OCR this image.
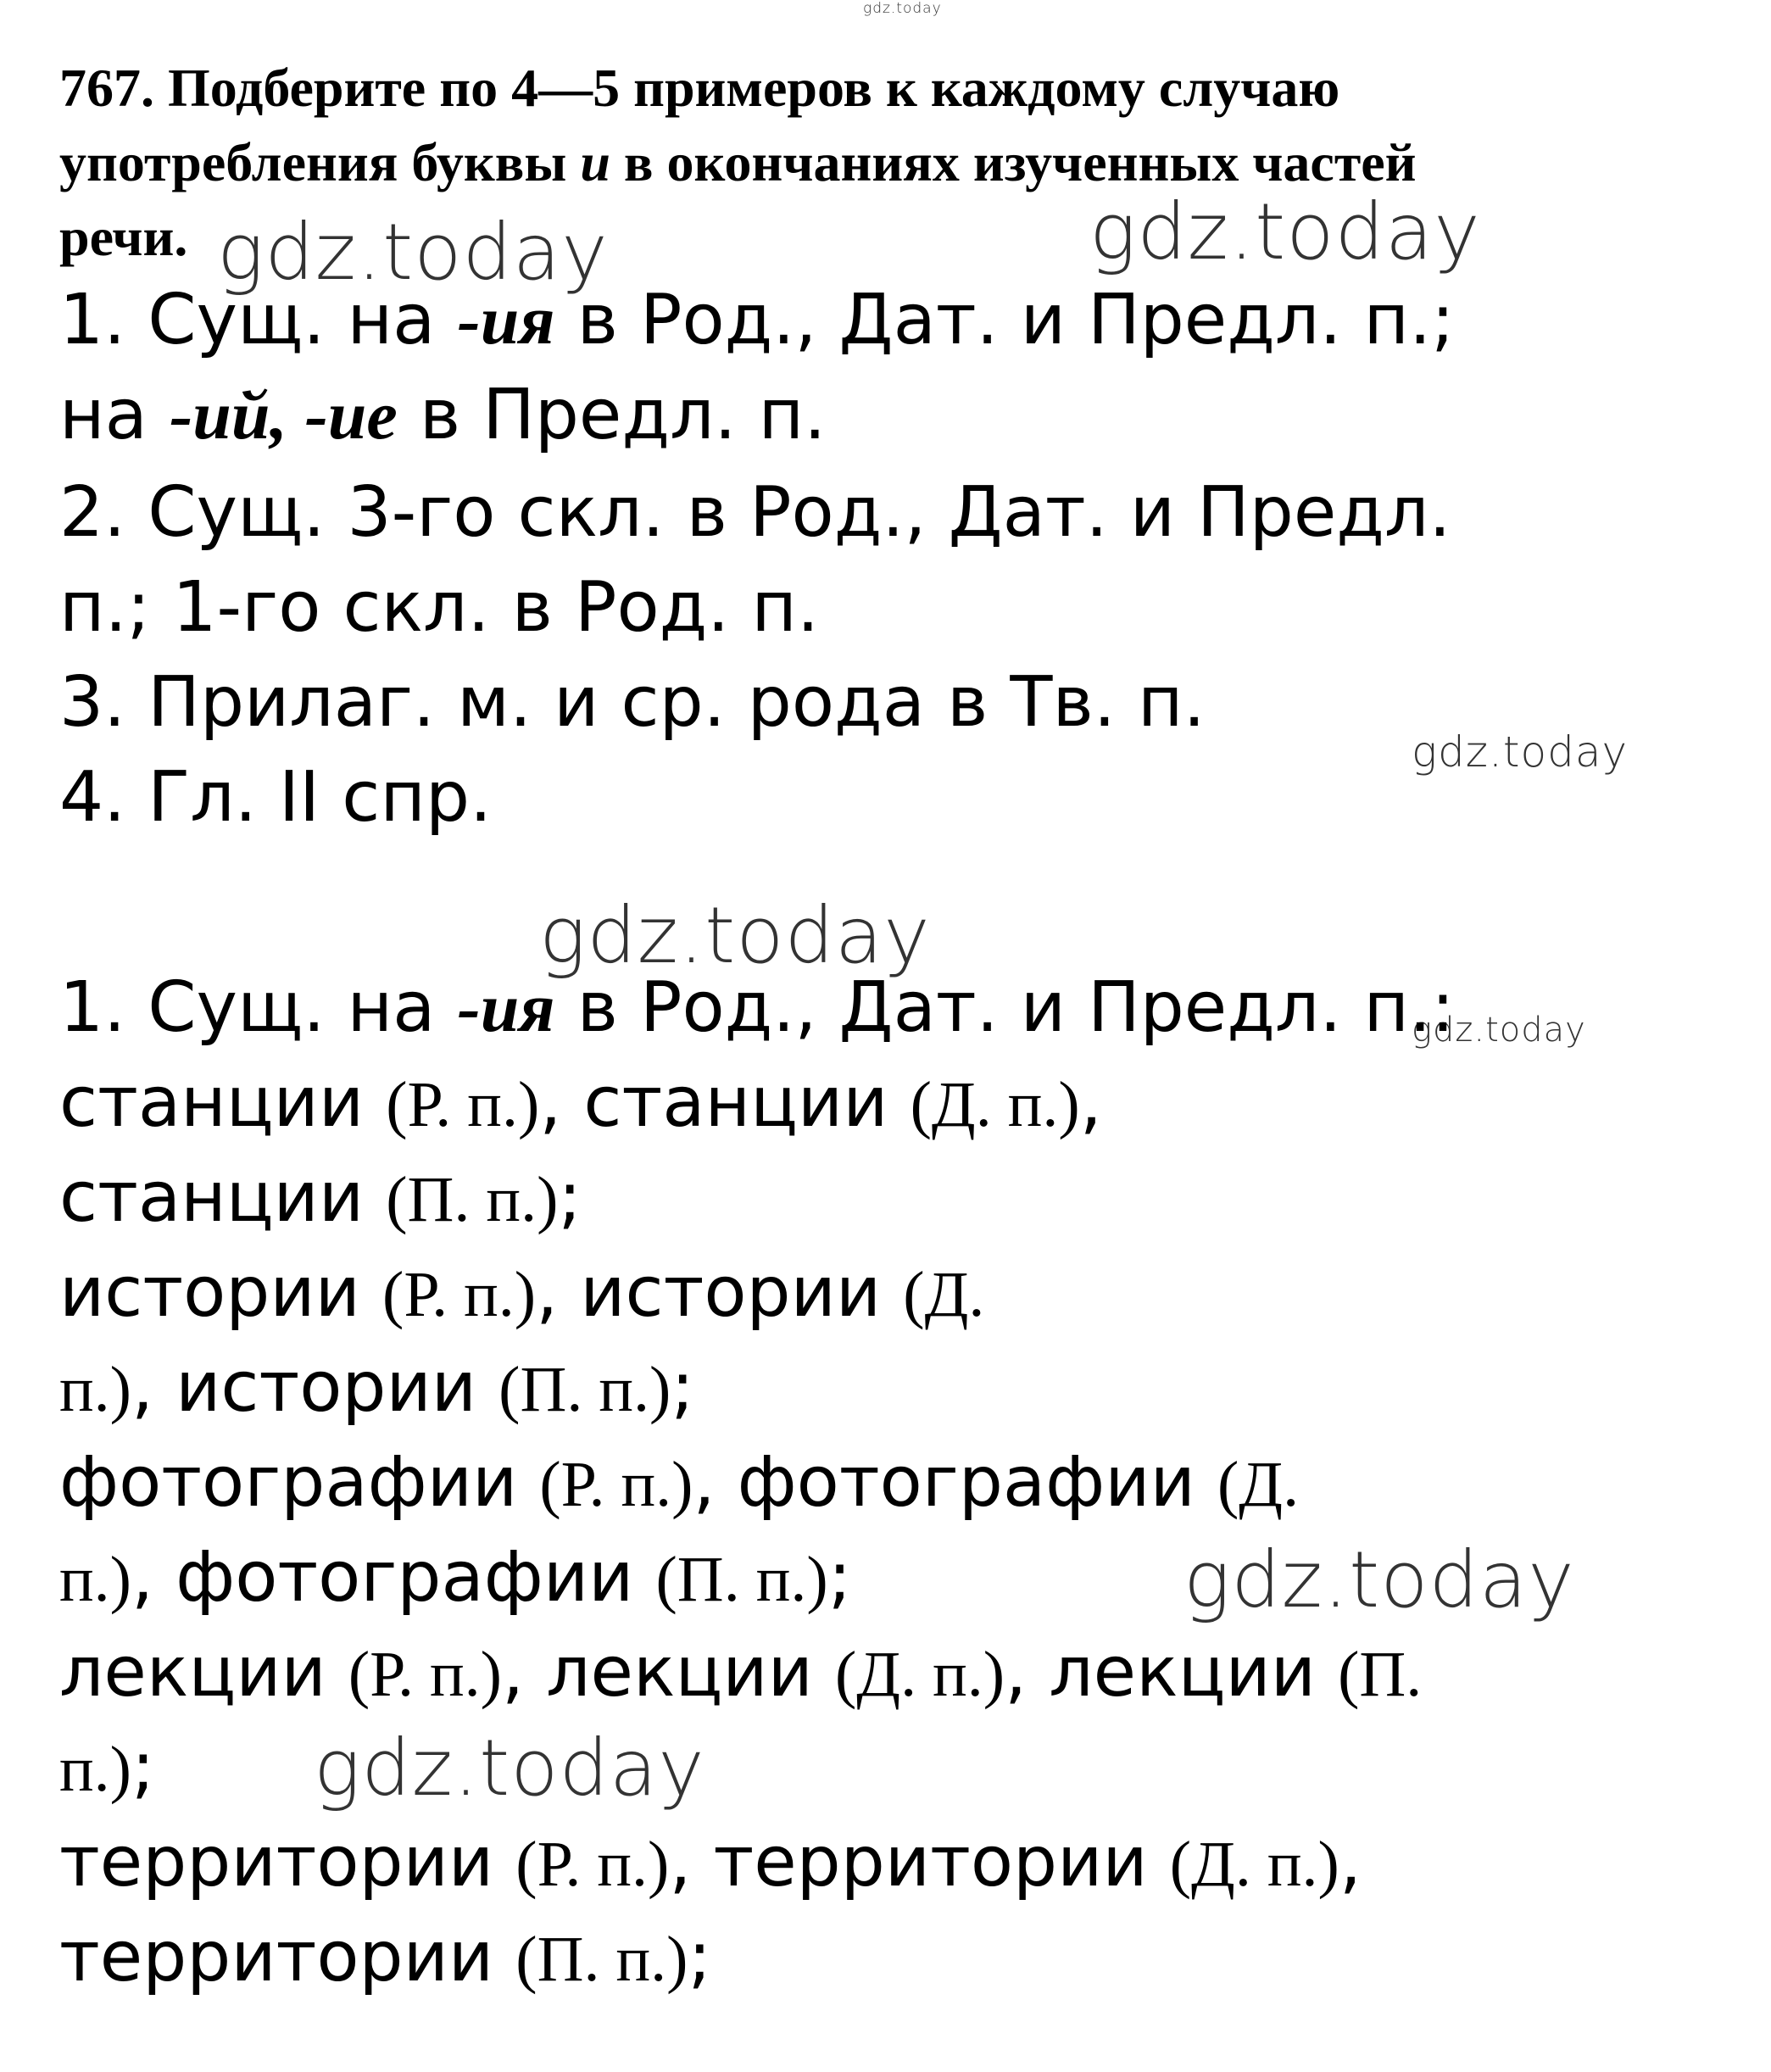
gdz.today
gdz.today	gdz.today
gdz.today
gdz.today
gdz.today
gdz.today
gdz.today
767. Подберите по 4—5 примеров к каждому случаю
употребления буквы и в окончаниях изученных частей
речи.
1. Сущ. на -ия в Род., Дат. и Предл. п.;
на -ий, -ие в Предл. п.
2. Сущ. 3-го скл. в Род., Дат. и Предл.
п.; 1-го скл. в Род. п.
3. Прилаг. м. и ср. рода в Тв. п.
4. Гл. II спр.
1. Сущ. на -ия в Род., Дат. и Предл. п.:
станции (Р. п.), станции (Д. п.),
станции (П. п.);
истории (Р. п.), истории (Д.
п.), истории (П. п.);
фотографии (Р. п.), фотографии (Д.
п.), фотографии (П. п.);
лекции (Р. п.), лекции (Д. п.), лекции (П.
п.);
территории (Р. п.), территории (Д. п.),
территории (П. п.);
